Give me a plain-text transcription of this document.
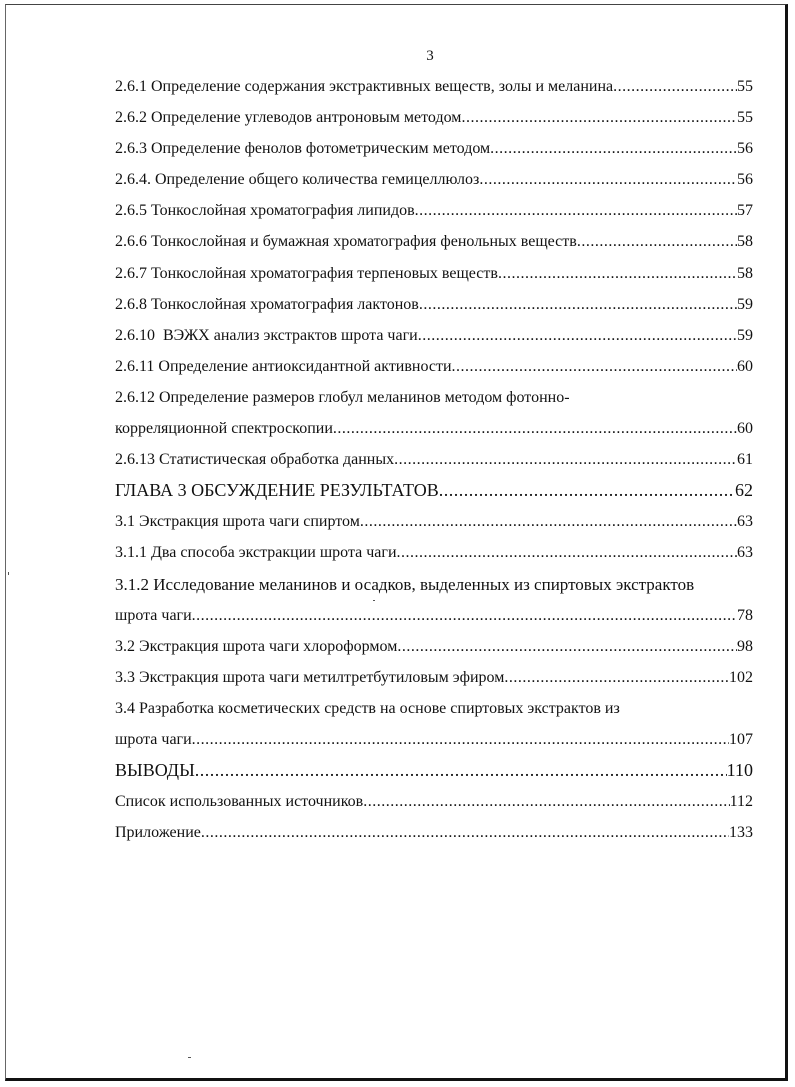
3
2.6.1 Определение содержания экстрактивных веществ, золы и меланина .....	55
2.6.2 Определение углеводов антроновым методом .....	55
2.6.3 Определение фенолов фотометрическим методом .....	56
2.6.4. Определение общего количества гемицеллюлоз .....	56
2.6.5 Тонкослойная хроматография липидов .....	57
2.6.6 Тонкослойная и бумажная хроматография фенольных веществ .....	58
2.6.7 Тонкослойная хроматография терпеновых веществ .....	58
2.6.8 Тонкослойная хроматография лактонов .....	59
2.6.10  ВЭЖХ анализ экстрактов шрота чаги .....	59
2.6.11 Определение антиоксидантной активности .....	60
2.6.12 Определение размеров глобул меланинов методом фотонно-
корреляционной спектроскопии .....	60
2.6.13 Статистическая обработка данных .....	61
ГЛАВА 3 ОБСУЖДЕНИЕ РЕЗУЛЬТАТОВ .....	62
3.1 Экстракция шрота чаги спиртом .....	63
3.1.1 Два способа экстракции шрота чаги .....	63
3.1.2 Исследование меланинов и осадков, выделенных из спиртовых экстрактов
шрота чаги .....	78
3.2 Экстракция шрота чаги хлороформом .....	98
3.3 Экстракция шрота чаги метилтретбутиловым эфиром .....	102
3.4 Разработка косметических средств на основе спиртовых экстрактов из
шрота чаги .....	107
ВЫВОДЫ .....	110
Список использованных источников .....	112
Приложение .....	133
